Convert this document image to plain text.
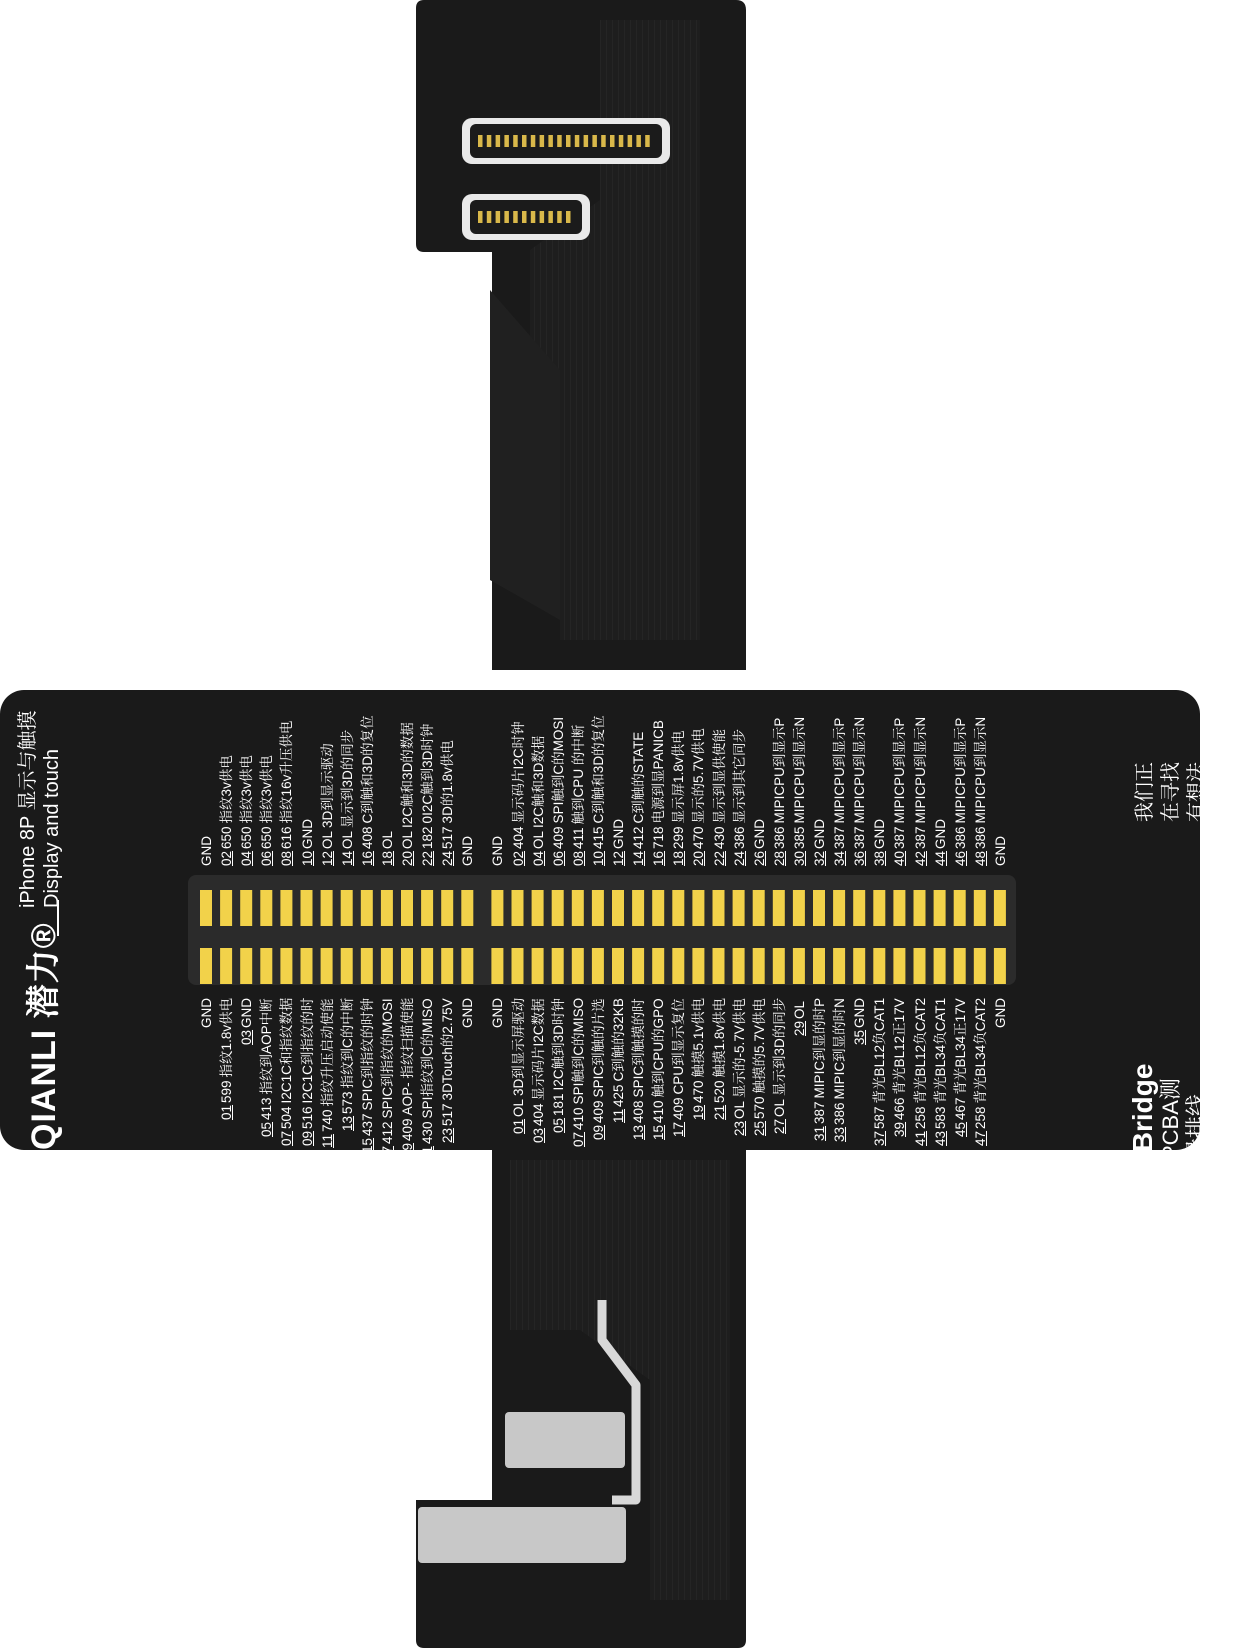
iPhone 8P 显示与触摸 Display and touch
QIANLI 潜力®	iBridge PCBA测量排线
我们正在寻找 有想法的你
GND 02650指纹3v供电
04650指纹3v供电
06650指纹3v供电
08616指纹16v升压供电
10GND
12OL3D到显示驱动
14OL显示到3D的同步
16408C到触和3D的复位
18OL
20OLI2C触和3D的数据
221820I2C触到3D时钟
245173D的1.8v供电
GND GND 02404显示码片I2C时钟
04OLI2C触和3D数据
06409SPI触到C的MOSI
08411触到CPU 的中断
10415C到触和3D的复位
12GND
14412C到触的STATE
16718电源到显PANICB
18299显示屏1.8v供电
20470显示的5.7V供电
22430显示到显供使能
24386显示到其它同步
26GND
28386MIPICPU到显示P
30385MIPICPU到显示N
32GND
34387MIPICPU到显示P
36387MIPICPU到显示N
38GND
40387MIPICPU到显示P
42387MIPICPU到显示N
44GND
46386MIPICPU到显示P
48386MIPICPU到显示N
GND
GND
01599指纹1.8v供电 03GND
05413指纹到AOP中断
07504I2C1C和指纹数据
09516I2C1C到指纹的时
11740指纹升压启动使能
13573指纹到C的中断
15437SPIC到指纹的时钟
17412SPIC到指纹的MOSI
19409AOP- 指纹扫描使能
21430SPI指纹到C的MISO
235173DTouch的2.75V GND GND
01OL3D到显示屏驱动
03404显示码片I2C数据
05181I2C触到3D时钟
07410SPI触到C的MISO
09409SPIC到触的片选
11425C到触的32KB
13408SPIC到触摸的时
15410触到CPU的GPO
17409CPU到显示复位
19470触摸5.1v供电
21520触摸1.8v供电
23OL显示的-5.7V供电
25570触摸的5.7V供电
27OL显示到3D的同步 29OL
31387MIPIC到显的时P
33386MIPIC到显的时N 35GND
37587背光BL12负CAT1
39466背光BL12正17V
41258背光BL12负CAT2
43583背光BL34负CAT1
45467背光BL34正17V
47258背光BL34负CAT2 GND
